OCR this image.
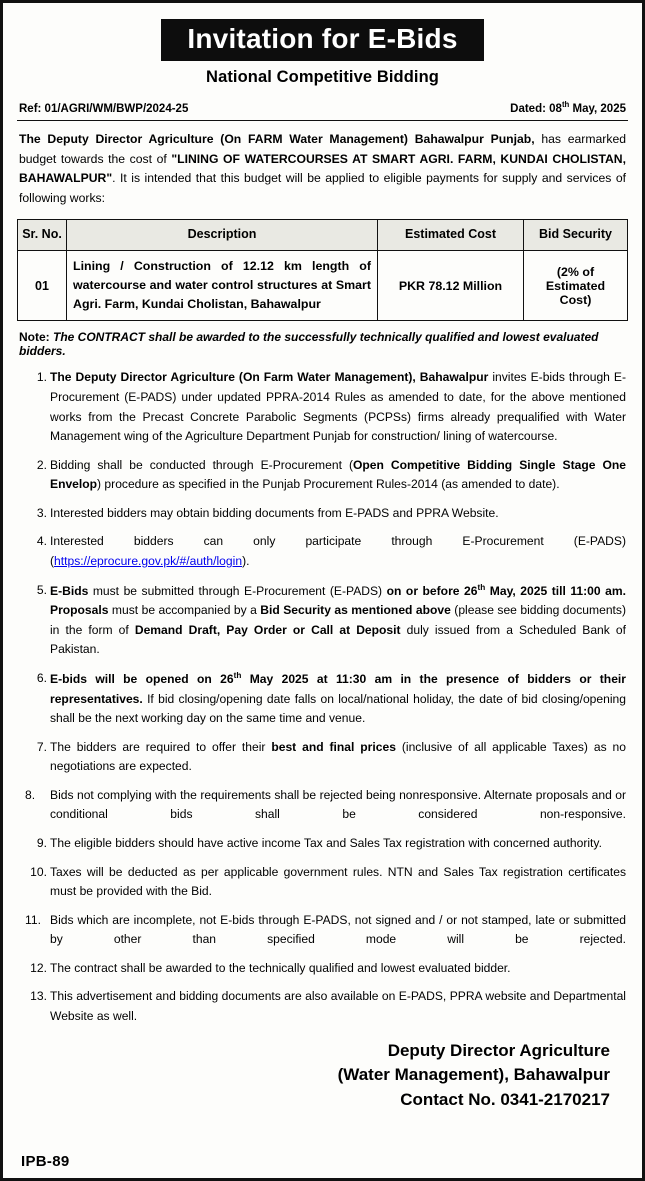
Invitation for E-Bids
National Competitive Bidding
Ref: 01/AGRI/WM/BWP/2024-25	Dated: 08th May, 2025
The Deputy Director Agriculture (On FARM Water Management) Bahawalpur Punjab, has earmarked budget towards the cost of "LINING OF WATERCOURSES AT SMART AGRI. FARM, KUNDAI CHOLISTAN, BAHAWALPUR". It is intended that this budget will be applied to eligible payments for supply and services of following works:
Sr. No.	Description	Estimated Cost	Bid Security
01	Lining / Construction of 12.12 km length of watercourse and water control structures at Smart Agri. Farm, Kundai Cholistan, Bahawalpur	PKR 78.12 Million	(2% of Estimated Cost)
Note: The CONTRACT shall be awarded to the successfully technically qualified and lowest evaluated bidders.
The Deputy Director Agriculture (On Farm Water Management), Bahawalpur invites E-bids through E-Procurement (E-PADS) under updated PPRA-2014 Rules as amended to date, for the above mentioned works from the Precast Concrete Parabolic Segments (PCPSs) firms already prequalified with Water Management wing of the Agriculture Department Punjab for construction/ lining of watercourse.
Bidding shall be conducted through E-Procurement (Open Competitive Bidding Single Stage One Envelop) procedure as specified in the Punjab Procurement Rules-2014 (as amended to date).
Interested bidders may obtain bidding documents from E-PADS and PPRA Website.
Interested bidders can only participate through E-Procurement (E-PADS) (https://eprocure.gov.pk/#/auth/login).
E-Bids must be submitted through E-Procurement (E-PADS) on or before 26th May, 2025 till 11:00 am. Proposals must be accompanied by a Bid Security as mentioned above (please see bidding documents) in the form of Demand Draft, Pay Order or Call at Deposit duly issued from a Scheduled Bank of Pakistan.
E-bids will be opened on 26th May 2025 at 11:30 am in the presence of bidders or their representatives. If bid closing/opening date falls on local/national holiday, the date of bid closing/opening shall be the next working day on the same time and venue.
The bidders are required to offer their best and final prices (inclusive of all applicable Taxes) as no negotiations are expected.
Bids not complying with the requirements shall be rejected being nonresponsive. Alternate proposals and or conditional bids shall be considered non-responsive.
The eligible bidders should have active income Tax and Sales Tax registration with concerned authority.
Taxes will be deducted as per applicable government rules. NTN and Sales Tax registration certificates must be provided with the Bid.
Bids which are incomplete, not E-bids through E-PADS, not signed and / or not stamped, late or submitted by other than specified mode will be rejected.
The contract shall be awarded to the technically qualified and lowest evaluated bidder.
This advertisement and bidding documents are also available on E-PADS, PPRA website and Departmental Website as well.
Deputy Director Agriculture
(Water Management), Bahawalpur
Contact No. 0341-2170217
IPB-89
